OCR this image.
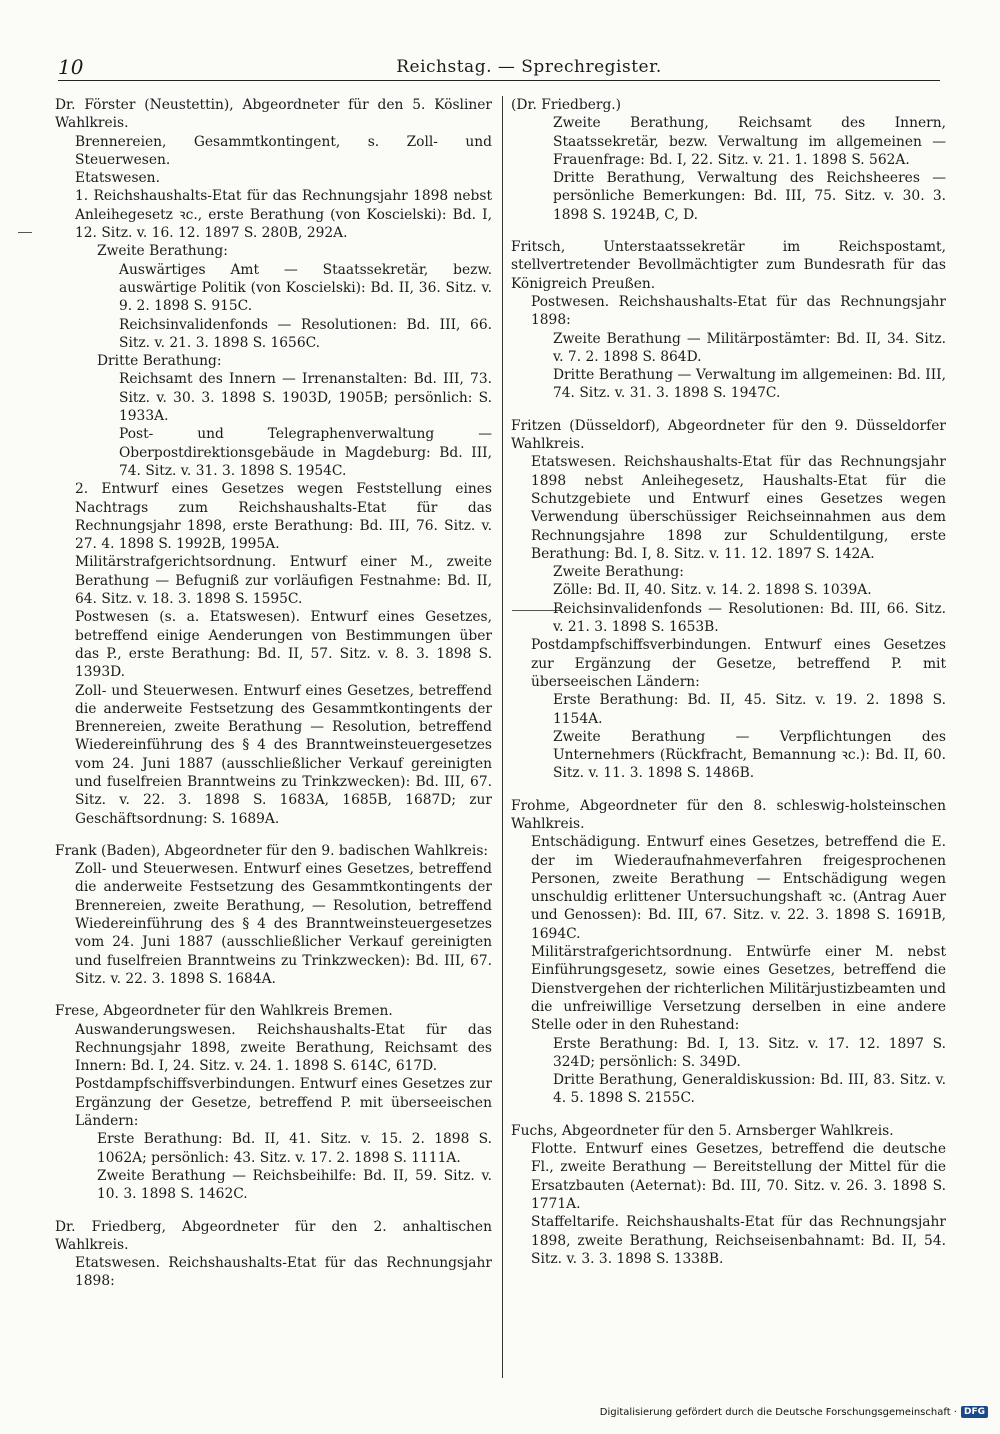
10	Reichstag. — Sprechregister.
Dr. Förster (Neustettin), Abgeordneter für den 5. Kösliner Wahlkreis.
Brennereien, Gesammtkontingent, s. Zoll- und Steuerwesen.
Etatswesen.
1. Reichshaushalts-Etat für das Rechnungsjahr 1898 nebst Anleihegesetz ꝛc., erste Berathung (von Koscielski): Bd. I, 12. Sitz. v. 16. 12. 1897 S. 280B, 292A.
Zweite Berathung:
Auswärtiges Amt — Staatssekretär, bezw. auswärtige Politik (von Koscielski): Bd. II, 36. Sitz. v. 9. 2. 1898 S. 915C.
Reichsinvalidenfonds — Resolutionen: Bd. III, 66. Sitz. v. 21. 3. 1898 S. 1656C.
Dritte Berathung:
Reichsamt des Innern — Irrenanstalten: Bd. III, 73. Sitz. v. 30. 3. 1898 S. 1903D, 1905B; persönlich: S. 1933A.
Post- und Telegraphenverwaltung — Oberpostdirektionsgebäude in Magdeburg: Bd. III, 74. Sitz. v. 31. 3. 1898 S. 1954C.
2. Entwurf eines Gesetzes wegen Feststellung eines Nachtrags zum Reichshaushalts-Etat für das Rechnungsjahr 1898, erste Berathung: Bd. III, 76. Sitz. v. 27. 4. 1898 S. 1992B, 1995A.
Militärstrafgerichtsordnung. Entwurf einer M., zweite Berathung — Befugniß zur vorläufigen Festnahme: Bd. II, 64. Sitz. v. 18. 3. 1898 S. 1595C.
Postwesen (s. a. Etatswesen). Entwurf eines Gesetzes, betreffend einige Aenderungen von Bestimmungen über das P., erste Berathung: Bd. II, 57. Sitz. v. 8. 3. 1898 S. 1393D.
Zoll- und Steuerwesen. Entwurf eines Gesetzes, betreffend die anderweite Festsetzung des Gesammtkontingents der Brennereien, zweite Berathung — Resolution, betreffend Wiedereinführung des § 4 des Branntweinsteuergesetzes vom 24. Juni 1887 (ausschließlicher Verkauf gereinigten und fuselfreien Branntweins zu Trinkzwecken): Bd. III, 67. Sitz. v. 22. 3. 1898 S. 1683A, 1685B, 1687D; zur Geschäftsordnung: S. 1689A.
Frank (Baden), Abgeordneter für den 9. badischen Wahlkreis:
Zoll- und Steuerwesen. Entwurf eines Gesetzes, betreffend die anderweite Festsetzung des Gesammtkontingents der Brennereien, zweite Berathung, — Resolution, betreffend Wiedereinführung des § 4 des Branntweinsteuergesetzes vom 24. Juni 1887 (ausschließlicher Verkauf gereinigten und fuselfreien Branntweins zu Trinkzwecken): Bd. III, 67. Sitz. v. 22. 3. 1898 S. 1684A.
Frese, Abgeordneter für den Wahlkreis Bremen.
Auswanderungswesen. Reichshaushalts-Etat für das Rechnungsjahr 1898, zweite Berathung, Reichsamt des Innern: Bd. I, 24. Sitz. v. 24. 1. 1898 S. 614C, 617D.
Postdampfschiffsverbindungen. Entwurf eines Gesetzes zur Ergänzung der Gesetze, betreffend P. mit überseeischen Ländern:
Erste Berathung: Bd. II, 41. Sitz. v. 15. 2. 1898 S. 1062A; persönlich: 43. Sitz. v. 17. 2. 1898 S. 1111A.
Zweite Berathung — Reichsbeihilfe: Bd. II, 59. Sitz. v. 10. 3. 1898 S. 1462C.
Dr. Friedberg, Abgeordneter für den 2. anhaltischen Wahlkreis.
Etatswesen. Reichshaushalts-Etat für das Rechnungsjahr 1898:
(Dr. Friedberg.)
Zweite Berathung, Reichsamt des Innern, Staatssekretär, bezw. Verwaltung im allgemeinen — Frauenfrage: Bd. I, 22. Sitz. v. 21. 1. 1898 S. 562A.
Dritte Berathung, Verwaltung des Reichsheeres — persönliche Bemerkungen: Bd. III, 75. Sitz. v. 30. 3. 1898 S. 1924B, C, D.
Fritsch, Unterstaatssekretär im Reichspostamt, stellvertretender Bevollmächtigter zum Bundesrath für das Königreich Preußen.
Postwesen. Reichshaushalts-Etat für das Rechnungsjahr 1898:
Zweite Berathung — Militärpostämter: Bd. II, 34. Sitz. v. 7. 2. 1898 S. 864D.
Dritte Berathung — Verwaltung im allgemeinen: Bd. III, 74. Sitz. v. 31. 3. 1898 S. 1947C.
Fritzen (Düsseldorf), Abgeordneter für den 9. Düsseldorfer Wahlkreis.
Etatswesen. Reichshaushalts-Etat für das Rechnungsjahr 1898 nebst Anleihegesetz, Haushalts-Etat für die Schutzgebiete und Entwurf eines Gesetzes wegen Verwendung überschüssiger Reichseinnahmen aus dem Rechnungsjahre 1898 zur Schuldentilgung, erste Berathung: Bd. I, 8. Sitz. v. 11. 12. 1897 S. 142A.
Zweite Berathung:
Zölle: Bd. II, 40. Sitz. v. 14. 2. 1898 S. 1039A.
Reichsinvalidenfonds — Resolutionen: Bd. III, 66. Sitz. v. 21. 3. 1898 S. 1653B.
Postdampfschiffsverbindungen. Entwurf eines Gesetzes zur Ergänzung der Gesetze, betreffend P. mit überseeischen Ländern:
Erste Berathung: Bd. II, 45. Sitz. v. 19. 2. 1898 S. 1154A.
Zweite Berathung — Verpflichtungen des Unternehmers (Rückfracht, Bemannung ꝛc.): Bd. II, 60. Sitz. v. 11. 3. 1898 S. 1486B.
Frohme, Abgeordneter für den 8. schleswig-holsteinschen Wahlkreis.
Entschädigung. Entwurf eines Gesetzes, betreffend die E. der im Wiederaufnahmeverfahren freigesprochenen Personen, zweite Berathung — Entschädigung wegen unschuldig erlittener Untersuchungshaft ꝛc. (Antrag Auer und Genossen): Bd. III, 67. Sitz. v. 22. 3. 1898 S. 1691B, 1694C.
Militärstrafgerichtsordnung. Entwürfe einer M. nebst Einführungsgesetz, sowie eines Gesetzes, betreffend die Dienstvergehen der richterlichen Militärjustizbeamten und die unfreiwillige Versetzung derselben in eine andere Stelle oder in den Ruhestand:
Erste Berathung: Bd. I, 13. Sitz. v. 17. 12. 1897 S. 324D; persönlich: S. 349D.
Dritte Berathung, Generaldiskussion: Bd. III, 83. Sitz. v. 4. 5. 1898 S. 2155C.
Fuchs, Abgeordneter für den 5. Arnsberger Wahlkreis.
Flotte. Entwurf eines Gesetzes, betreffend die deutsche Fl., zweite Berathung — Bereitstellung der Mittel für die Ersatzbauten (Aeternat): Bd. III, 70. Sitz. v. 26. 3. 1898 S. 1771A.
Staffeltarife. Reichshaushalts-Etat für das Rechnungsjahr 1898, zweite Berathung, Reichseisenbahnamt: Bd. II, 54. Sitz. v. 3. 3. 1898 S. 1338B.
Digitalisierung gefördert durch die Deutsche Forschungsgemeinschaft · DFG
